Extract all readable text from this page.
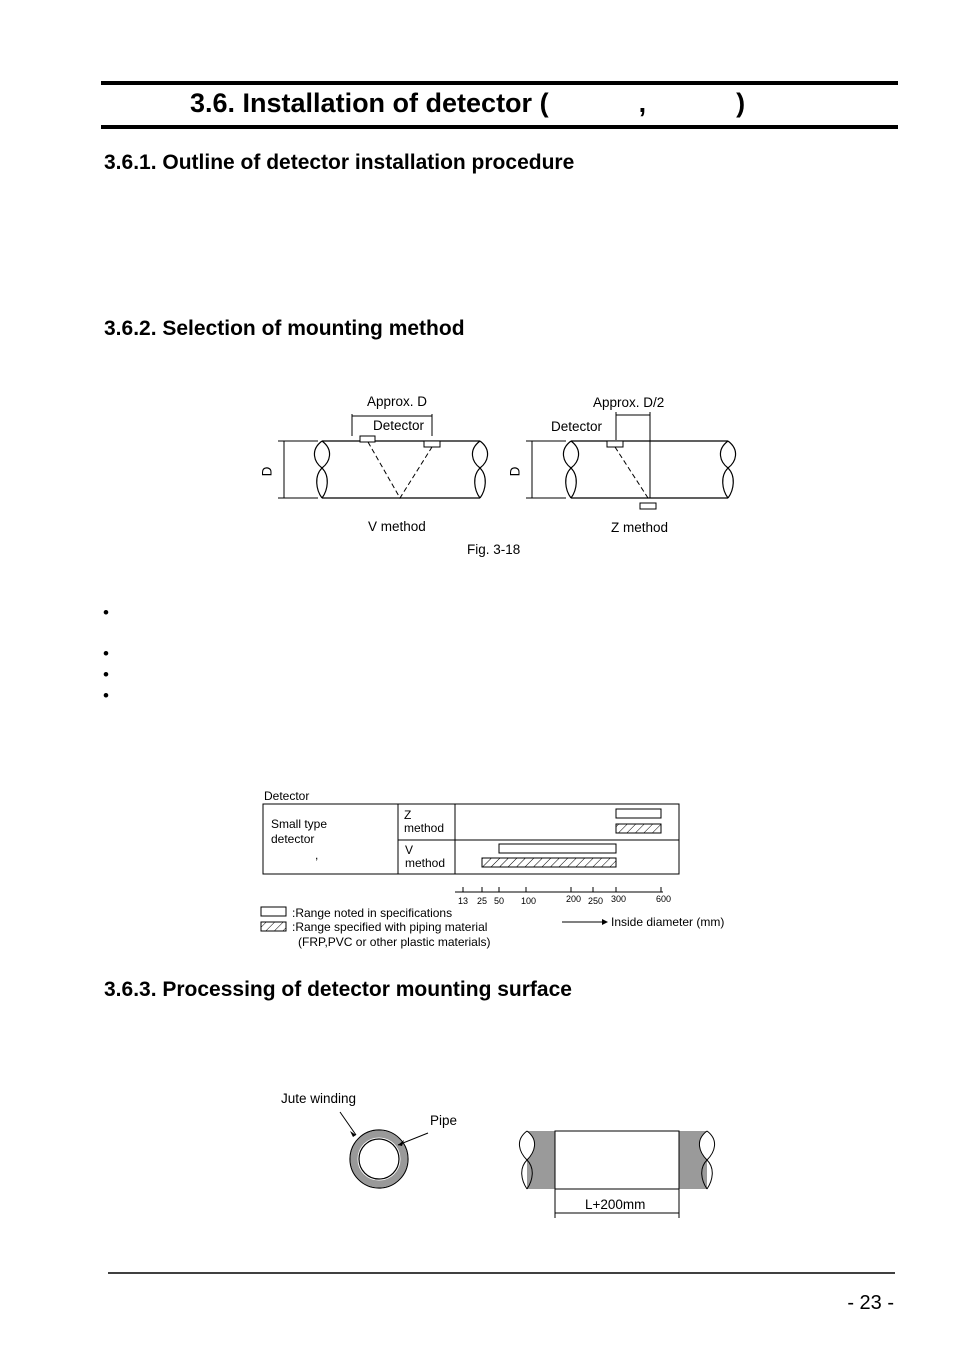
3.6. Installation of detector (            ,            )
3.6.1. Outline of detector installation procedure
3.6.2. Selection of mounting method
Approx. D
Detector
D
V method
Approx. D/2
Detector
D
Z method
Fig. 3-18
•
•
•
•
Detector
Small type
detector
,
Z
method
V
method
13 25 50 100	200 250 300	600
:Range noted in specifications
:Range specified with piping material
(FRP,PVC or other plastic materials)
Inside diameter (mm)
3.6.3. Processing of detector mounting surface
Jute winding
Pipe
L+200mm
- 23 -
